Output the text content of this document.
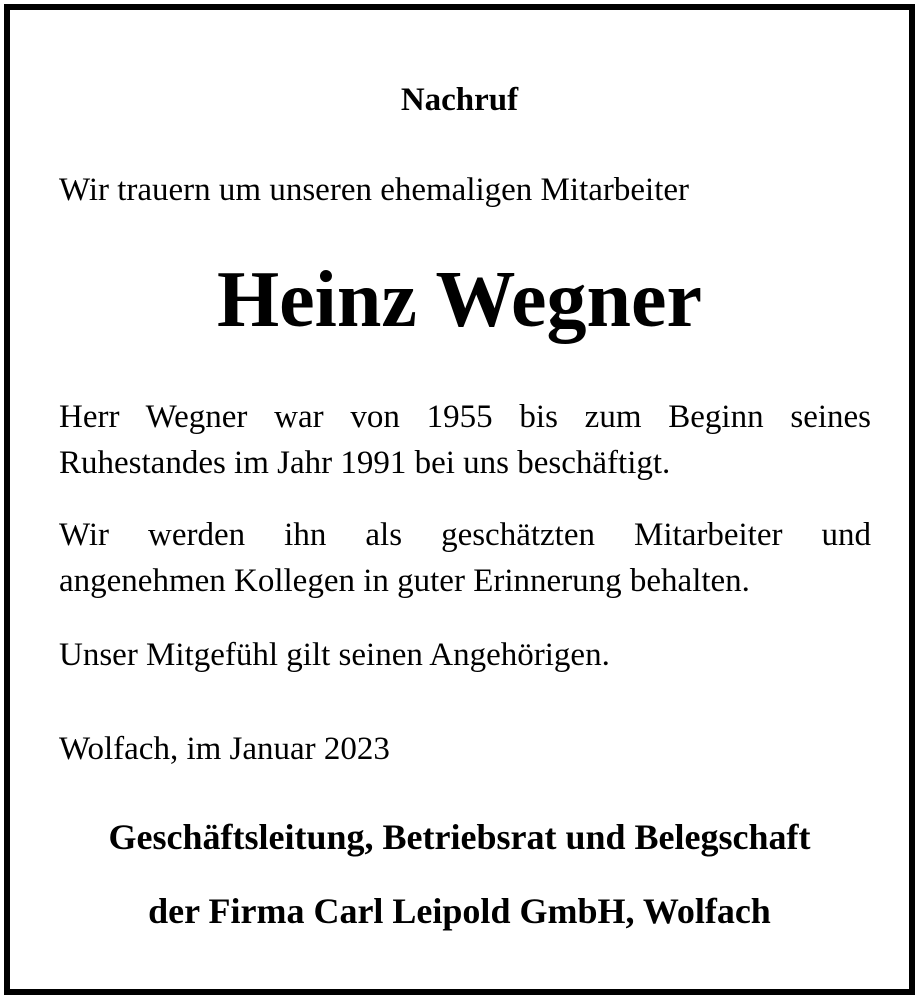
Nachruf

Wir trauern um unseren ehemaligen Mitarbeiter

Heinz Wegner

Herr Wegner war von 1955 bis zum Beginn seines
Ruhestandes im Jahr 1991 bei uns beschäftigt.
Wir werden ihn als geschätzten Mitarbeiter und
angenehmen Kollegen in guter Erinnerung behalten.

Unser Mitgefühl gilt seinen Angehörigen.

Wolfach, im Januar 2023

Geschäftsleitung, Betriebsrat und Belegschaft

der Firma Carl Leipold GmbH, Wolfach
